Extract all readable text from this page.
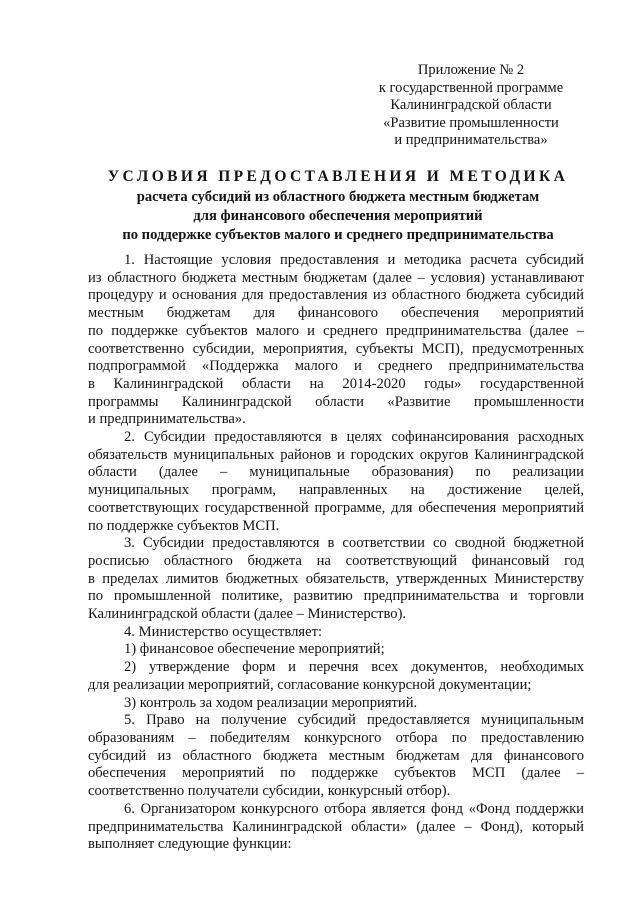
Приложение № 2
к государственной программе
Калининградской области
«Развитие промышленности
и предпринимательства»
УСЛОВИЯ ПРЕДОСТАВЛЕНИЯ И МЕТОДИКА
расчета субсидий из областного бюджета местным бюджетам
для финансового обеспечения мероприятий
по поддержке субъектов малого и среднего предпринимательства
1. Настоящие условия предоставления и методика расчета субсидий
из областного бюджета местным бюджетам (далее – условия) устанавливают
процедуру и основания для предоставления из областного бюджета субсидий
местным бюджетам для финансового обеспечения мероприятий
по поддержке субъектов малого и среднего предпринимательства (далее –
соответственно субсидии, мероприятия, субъекты МСП), предусмотренных
подпрограммой «Поддержка малого и среднего предпринимательства
в Калининградской области на 2014-2020 годы» государственной
программы Калининградской области «Развитие промышленности
и предпринимательства».
2. Субсидии предоставляются в целях софинансирования расходных
обязательств муниципальных районов и городских округов Калининградской
области (далее – муниципальные образования) по реализации
муниципальных программ, направленных на достижение целей,
соответствующих государственной программе, для обеспечения мероприятий
по поддержке субъектов МСП.
3. Субсидии предоставляются в соответствии со сводной бюджетной
росписью областного бюджета на соответствующий финансовый год
в пределах лимитов бюджетных обязательств, утвержденных Министерству
по промышленной политике, развитию предпринимательства и торговли
Калининградской области (далее – Министерство).
4. Министерство осуществляет:
1) финансовое обеспечение мероприятий;
2) утверждение форм и перечня всех документов, необходимых
для реализации мероприятий, согласование конкурсной документации;
3) контроль за ходом реализации мероприятий.
5. Право на получение субсидий предоставляется муниципальным
образованиям – победителям конкурсного отбора по предоставлению
субсидий из областного бюджета местным бюджетам для финансового
обеспечения мероприятий по поддержке субъектов МСП (далее –
соответственно получатели субсидии, конкурсный отбор).
6. Организатором конкурсного отбора является фонд «Фонд поддержки
предпринимательства Калининградской области» (далее – Фонд), который
выполняет следующие функции:
